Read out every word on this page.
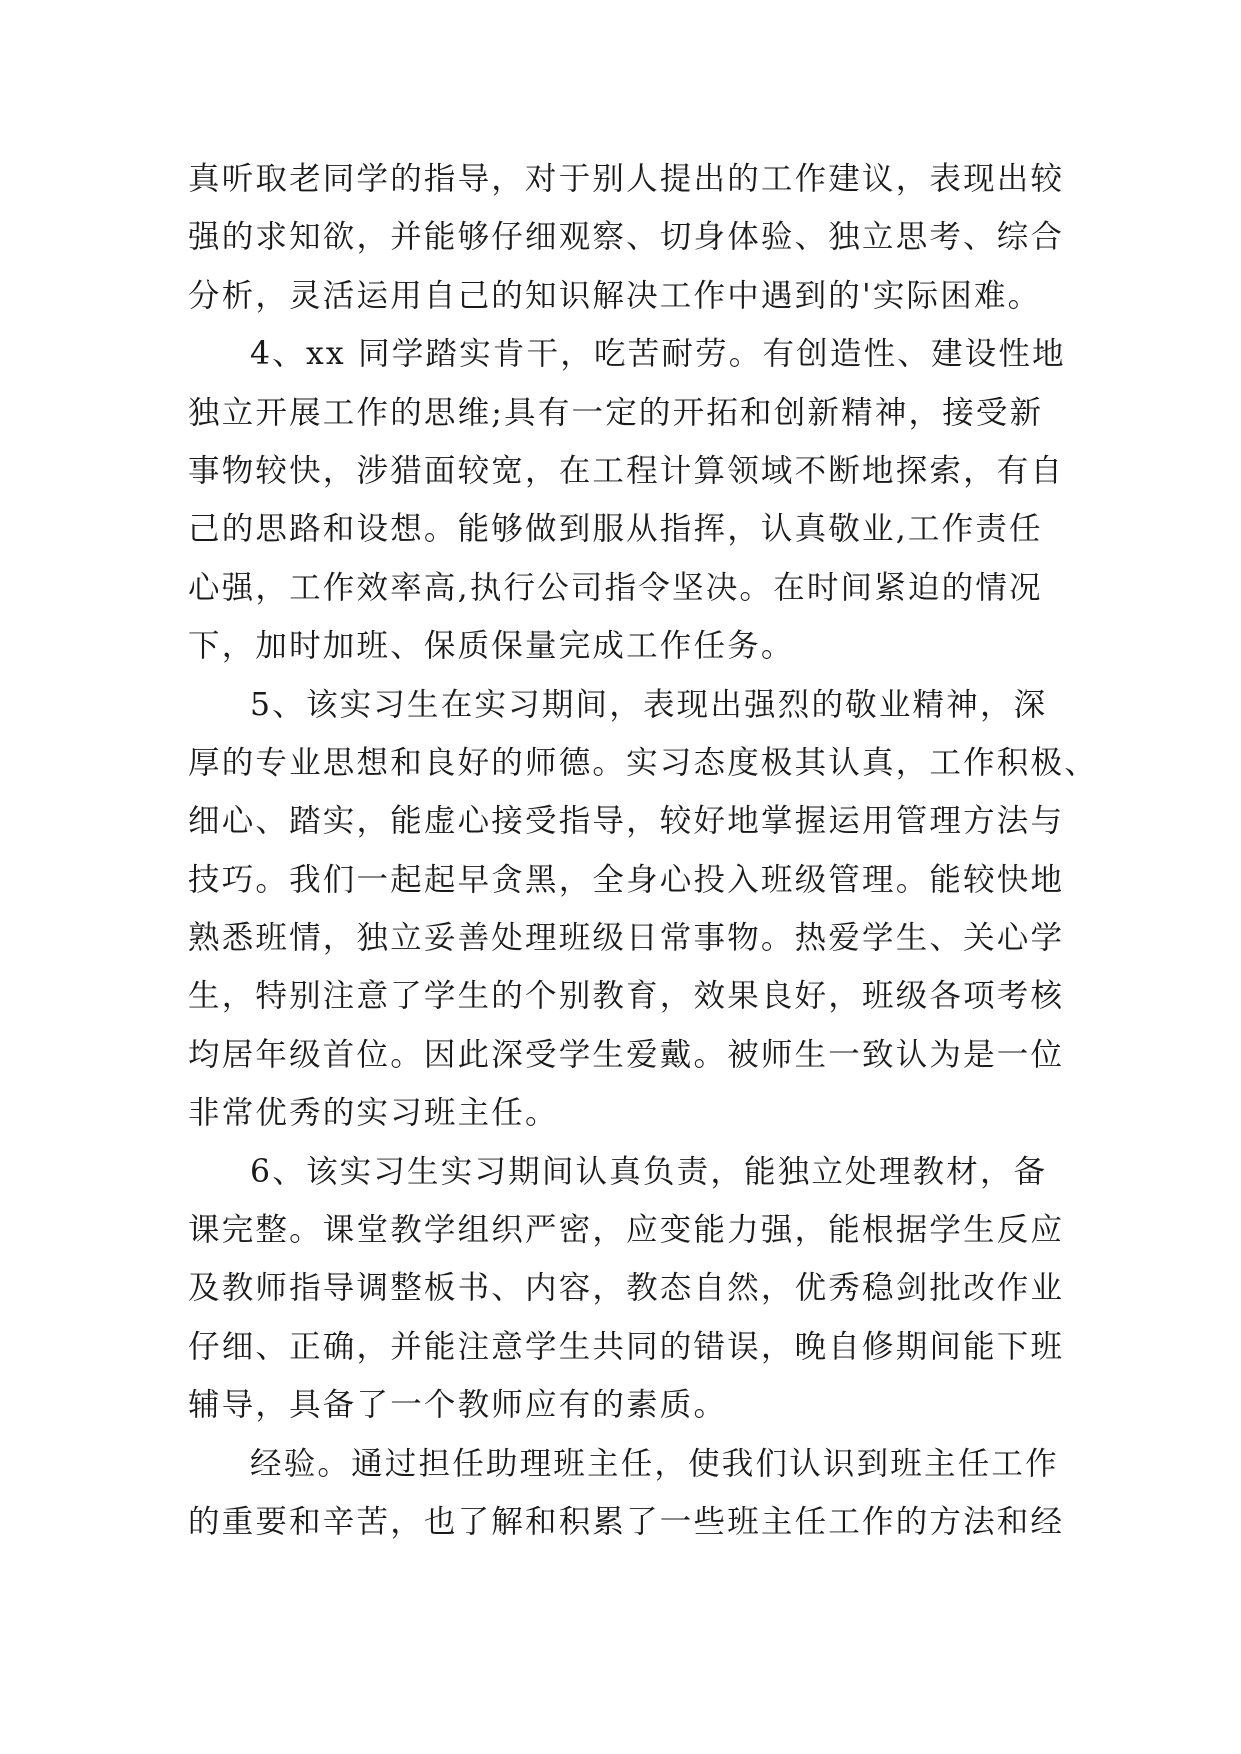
真听取老同学的指导，对于别人提出的工作建议，表现出较
强的求知欲，并能够仔细观察、切身体验、独立思考、综合
分析，灵活运用自己的知识解决工作中遇到的'实际困难。
4、xx 同学踏实肯干，吃苦耐劳。有创造性、建设性地
独立开展工作的思维;具有一定的开拓和创新精神，接受新
事物较快，涉猎面较宽，在工程计算领域不断地探索，有自
己的思路和设想。能够做到服从指挥，认真敬业,工作责任
心强，工作效率高,执行公司指令坚决。在时间紧迫的情况
下，加时加班、保质保量完成工作任务。
5、该实习生在实习期间，表现出强烈的敬业精神，深
厚的专业思想和良好的师德。实习态度极其认真，工作积极、
细心、踏实，能虚心接受指导，较好地掌握运用管理方法与
技巧。我们一起起早贪黑，全身心投入班级管理。能较快地
熟悉班情，独立妥善处理班级日常事物。热爱学生、关心学
生，特别注意了学生的个别教育，效果良好，班级各项考核
均居年级首位。因此深受学生爱戴。被师生一致认为是一位
非常优秀的实习班主任。
6、该实习生实习期间认真负责，能独立处理教材，备
课完整。课堂教学组织严密，应变能力强，能根据学生反应
及教师指导调整板书、内容，教态自然，优秀稳剑批改作业
仔细、正确，并能注意学生共同的错误，晚自修期间能下班
辅导，具备了一个教师应有的素质。
经验。通过担任助理班主任，使我们认识到班主任工作
的重要和辛苦，也了解和积累了一些班主任工作的方法和经
